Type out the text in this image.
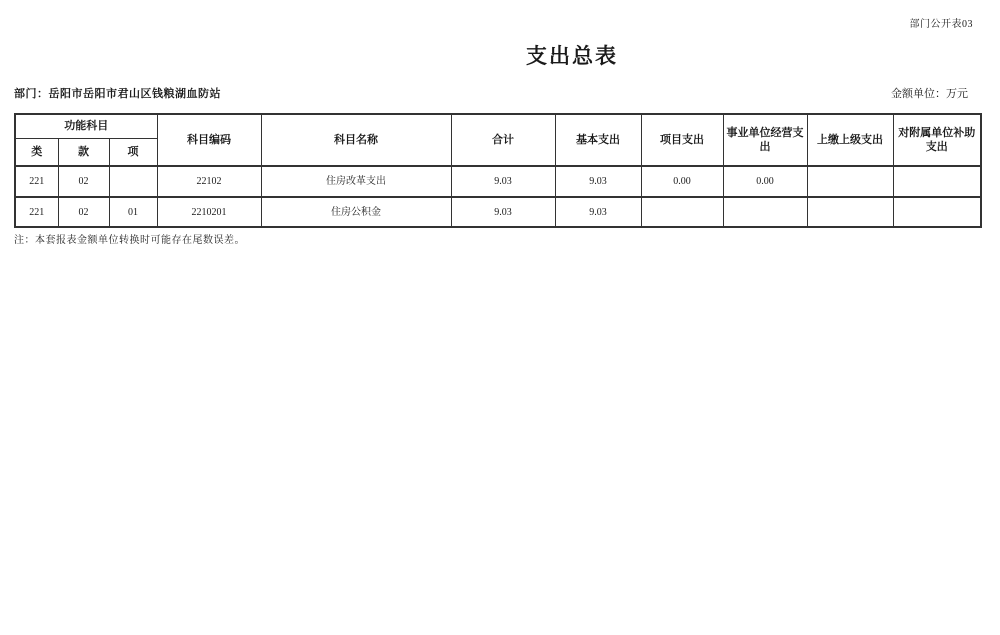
部门公开表03
支出总表
部门：岳阳市岳阳市君山区钱粮湖血防站	金额单位：万元
功能科目			科目编码	科目名称	合计	基本支出	项目支出	事业单位经营支出	上缴上级支出	对附属单位补助支出
类	款	项								
221	02		22102	住房改革支出	9.03	9.03	0.00	0.00		
221	02	01	2210201	住房公积金	9.03	9.03				
注：本套报表金额单位转换时可能存在尾数误差。
